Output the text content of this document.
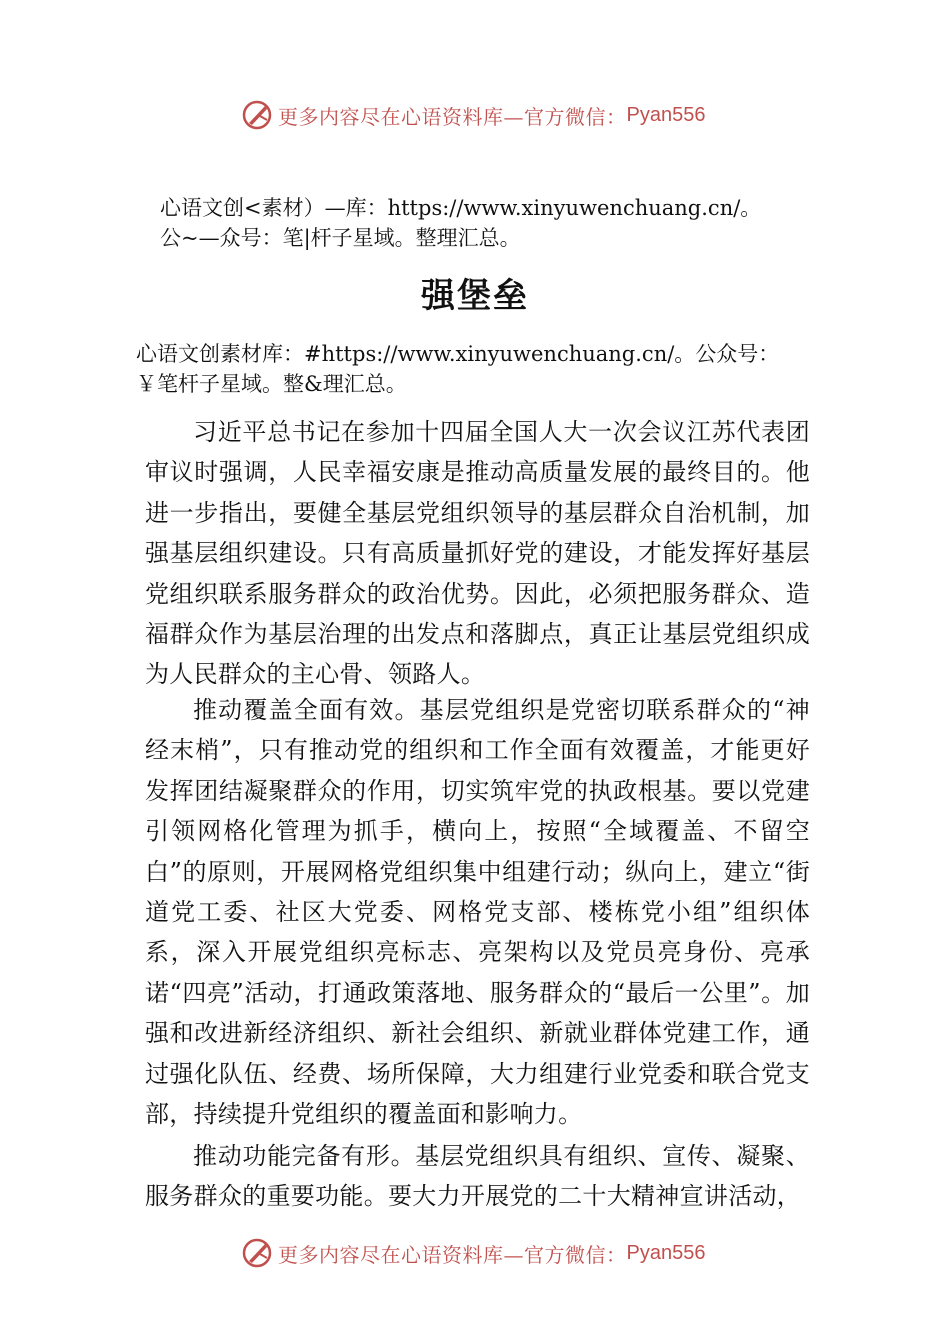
更多内容尽在心语资料库—官方微信： Pyan556
心语文创<素材）—库：https://www.xinyuwenchuang.cn/。
公~—众号：笔|杆子星域。整理汇总。
强堡垒
心语文创素材库：#https://www.xinyuwenchuang.cn/。公众号：
￥笔杆子星域。整&理汇总。

习近平总书记在参加十四届全国人大一次会议江苏代表团审议时强调，人民幸福安康是推动高质量发展的最终目的。他进一步指出，要健全基层党组织领导的基层群众自治机制，加强基层组织建设。只有高质量抓好党的建设，才能发挥好基层党组织联系服务群众的政治优势。因此，必须把服务群众、造福群众作为基层治理的出发点和落脚点，真正让基层党组织成为人民群众的主心骨、领路人。

推动覆盖全面有效。基层党组织是党密切联系群众的“神经末梢”，只有推动党的组织和工作全面有效覆盖，才能更好发挥团结凝聚群众的作用，切实筑牢党的执政根基。要以党建引领网格化管理为抓手，横向上，按照“全域覆盖、不留空白”的原则，开展网格党组织集中组建行动；纵向上，建立“街道党工委、社区大党委、网格党支部、楼栋党小组”组织体系，深入开展党组织亮标志、亮架构以及党员亮身份、亮承诺“四亮”活动，打通政策落地、服务群众的“最后一公里”。加强和改进新经济组织、新社会组织、新就业群体党建工作，通过强化队伍、经费、场所保障，大力组建行业党委和联合党支部，持续提升党组织的覆盖面和影响力。

推动功能完备有形。基层党组织具有组织、宣传、凝聚、服务群众的重要功能。要大力开展党的二十大精神宣讲活动，

更多内容尽在心语资料库—官方微信： Pyan556
